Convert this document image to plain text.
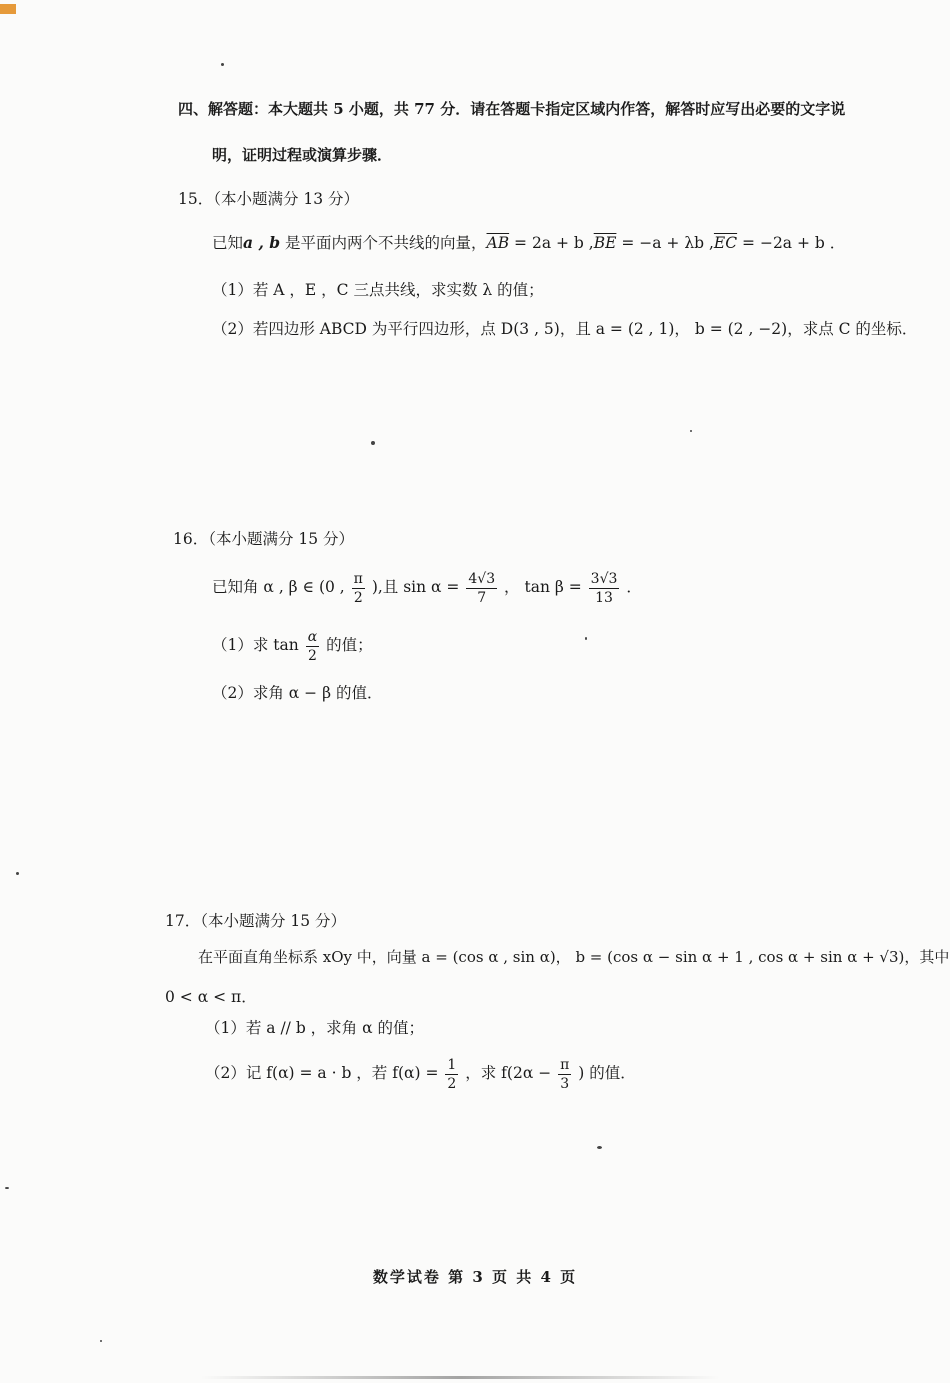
四、解答题：本大题共 5 小题，共 77 分．请在答题卡指定区域内作答，解答时应写出必要的文字说
明，证明过程或演算步骤．
15．（本小题满分 13 分）
已知a , b 是平面内两个不共线的向量，$\overline{AB} = 2a + b$ $,\overline{BE} = -a + \lambda b$ $,\overline{EC} = -2a + b$ ．
（1）若 A ，E ，C 三点共线，求实数 λ 的值；
（2）若四边形 ABCD 为平行四边形，点 D(3 , 5)，且 a = (2 , 1)， b = (2 , −2)，求点 C 的坐标．
16．（本小题满分 15 分）
已知角 α , β ∈ (0 , $\frac{\pi}{2}$ ),且 $\sin \alpha = \frac{4√3}{7}$ ， $\tan \beta = \frac{3√3}{13}$ ．
（1）求 $\tan \frac{\alpha}{2}$ 的值；
（2）求角 α − β 的值．
17．（本小题满分 15 分）
在平面直角坐标系 xOy 中，向量 a = (cos α , sin α)， b = (cos α − sin α + 1 , cos α + sin α + √3)，其中
0 < α < π．
（1）若 a // b ，求角 α 的值；
（2）记 f(α) = a · b ，若 $f(\alpha) = \frac{1}{2}$ ，求 $f(2\alpha - \frac{\pi}{3}$ ) 的值．
数学试卷 第 3 页 共 4 页
